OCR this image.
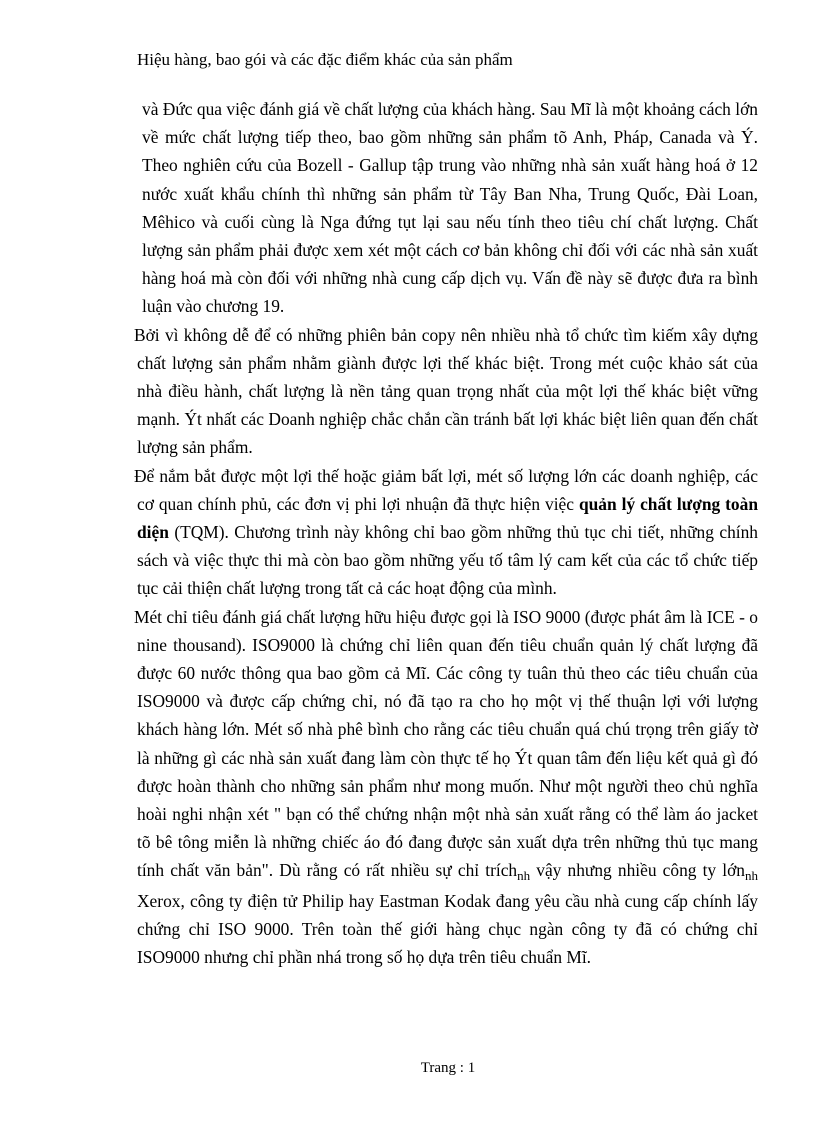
Hiệu hàng, bao gói và các đặc điểm khác của sản phẩm

và Đức qua việc đánh giá về chất lượng của khách hàng. Sau Mĩ là một khoảng cách lớn về mức chất lượng tiếp theo, bao gồm những sản phẩm tõ Anh, Pháp, Canada và Ý. Theo nghiên cứu của Bozell - Gallup tập trung vào những nhà sản xuất hàng hoá ở 12 nước xuất khẩu chính thì những sản phẩm từ Tây Ban Nha, Trung Quốc, Đài Loan, Mêhico và cuối cùng là Nga đứng tụt lại sau nếu tính theo tiêu chí chất lượng. Chất lượng sản phẩm phải được xem xét một cách cơ bản không chỉ đối với các nhà sản xuất hàng hoá mà còn đối với những nhà cung cấp dịch vụ. Vấn đề này sẽ được đưa ra bình luận vào chương 19.

Bởi vì không dễ để có những phiên bản copy nên nhiều nhà tổ chức tìm kiếm xây dựng chất lượng sản phẩm nhằm giành được lợi thế khác biệt. Trong mét cuộc khảo sát của nhà điều hành, chất lượng là nền tảng quan trọng nhất của một lợi thế khác biệt vững mạnh. Ýt nhất các Doanh nghiệp chắc chắn cần tránh bất lợi khác biệt liên quan đến chất lượng sản phẩm.

Để nắm bắt được một lợi thế hoặc giảm bất lợi, mét số lượng lớn các doanh nghiệp, các cơ quan chính phủ, các đơn vị phi lợi nhuận đã thực hiện việc quản lý chất lượng toàn diện (TQM). Chương trình này không chỉ bao gồm những thủ tục chi tiết, những chính sách và việc thực thi mà còn bao gồm những yếu tố tâm lý cam kết của các tổ chức tiếp tục cải thiện chất lượng trong tất cả các hoạt động của mình.

Mét chỉ tiêu đánh giá chất lượng hữu hiệu được gọi là ISO 9000 (được phát âm là ICE - o nine thousand). ISO9000 là chứng chỉ liên quan đến tiêu chuẩn quản lý chất lượng đã được 60 nước thông qua bao gồm cả Mĩ. Các công ty tuân thủ theo các tiêu chuẩn của ISO9000 và được cấp chứng chỉ, nó đã tạo ra cho họ một vị thế thuận lợi với lượng khách hàng lớn. Mét số nhà phê bình cho rằng các tiêu chuẩn quá chú trọng trên giấy tờ là những gì các nhà sản xuất đang làm còn thực tế họ Ýt quan tâm đến liệu kết quả gì đó được hoàn thành cho những sản phẩm như mong muốn. Như một người theo chủ nghĩa hoài nghi nhận xét " bạn có thể chứng nhận một nhà sản xuất rằng có thể làm áo jacket tõ bê tông miễn là những chiếc áo đó đang được sản xuất dựa trên những thủ tục mang tính chất văn bản". Dù rằng có rất nhiều sự chỉ trích$_{nh}$ vậy nhưng nhiều công ty lớn$_{nh}$ Xerox, công ty điện tử Philip hay Eastman Kodak đang yêu cầu nhà cung cấp chính lấy chứng chỉ ISO 9000. Trên toàn thế giới hàng chục ngàn công ty đã có chứng chỉ ISO9000 nhưng chỉ phần nhá trong số họ dựa trên tiêu chuẩn Mĩ.

Trang : 1
